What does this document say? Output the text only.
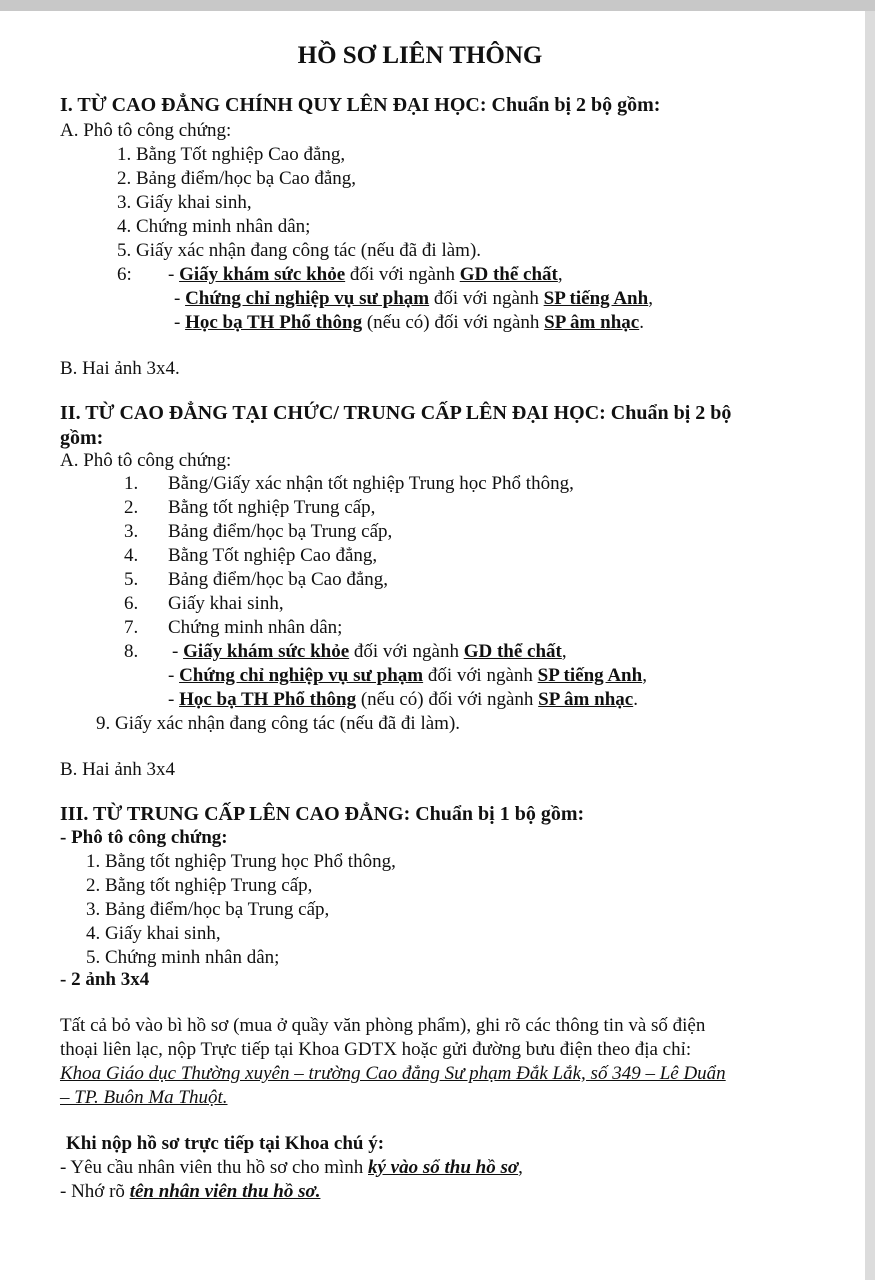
HỒ SƠ LIÊN THÔNG
I. TỪ CAO ĐẲNG CHÍNH QUY LÊN ĐẠI HỌC: Chuẩn bị 2 bộ gồm:
A. Phô tô công chứng:
1. Bằng Tốt nghiệp Cao đẳng,
2. Bảng điểm/học bạ Cao đẳng,
3. Giấy khai sinh,
4. Chứng minh nhân dân;
5. Giấy xác nhận đang công tác (nếu đã đi làm).
6: - Giấy khám sức khỏe đối với ngành GD thể chất,
- Chứng chỉ nghiệp vụ sư phạm đối với ngành SP tiếng Anh,
- Học bạ TH Phổ thông (nếu có) đối với ngành SP âm nhạc.
B. Hai ảnh 3x4.
II. TỪ CAO ĐẲNG TẠI CHỨC/ TRUNG CẤP LÊN ĐẠI HỌC: Chuẩn bị 2 bộ
gồm:
A. Phô tô công chứng:
1. Bằng/Giấy xác nhận tốt nghiệp Trung học Phổ thông,
2. Bằng tốt nghiệp Trung cấp,
3. Bảng điểm/học bạ Trung cấp,
4. Bằng Tốt nghiệp Cao đẳng,
5. Bảng điểm/học bạ Cao đẳng,
6. Giấy khai sinh,
7. Chứng minh nhân dân;
8. - Giấy khám sức khỏe đối với ngành GD thể chất,
- Chứng chỉ nghiệp vụ sư phạm đối với ngành SP tiếng Anh,
- Học bạ TH Phổ thông (nếu có) đối với ngành SP âm nhạc.
9. Giấy xác nhận đang công tác (nếu đã đi làm).
B. Hai ảnh 3x4
III. TỪ TRUNG CẤP LÊN CAO ĐẲNG: Chuẩn bị 1 bộ gồm:
- Phô tô công chứng:
1. Bằng tốt nghiệp Trung học Phổ thông,
2. Bằng tốt nghiệp Trung cấp,
3. Bảng điểm/học bạ Trung cấp,
4. Giấy khai sinh,
5. Chứng minh nhân dân;
- 2 ảnh 3x4
Tất cả bỏ vào bì hồ sơ (mua ở quầy văn phòng phẩm), ghi rõ các thông tin và số điện
thoại liên lạc, nộp Trực tiếp tại Khoa GDTX hoặc gửi đường bưu điện theo địa chỉ:
Khoa Giáo dục Thường xuyên – trường Cao đẳng Sư phạm Đắk Lắk, số 349 – Lê Duẩn
– TP. Buôn Ma Thuột.
Khi nộp hồ sơ trực tiếp tại Khoa chú ý:
- Yêu cầu nhân viên thu hồ sơ cho mình ký vào sổ thu hồ sơ,
- Nhớ rõ tên nhân viên thu hồ sơ.
